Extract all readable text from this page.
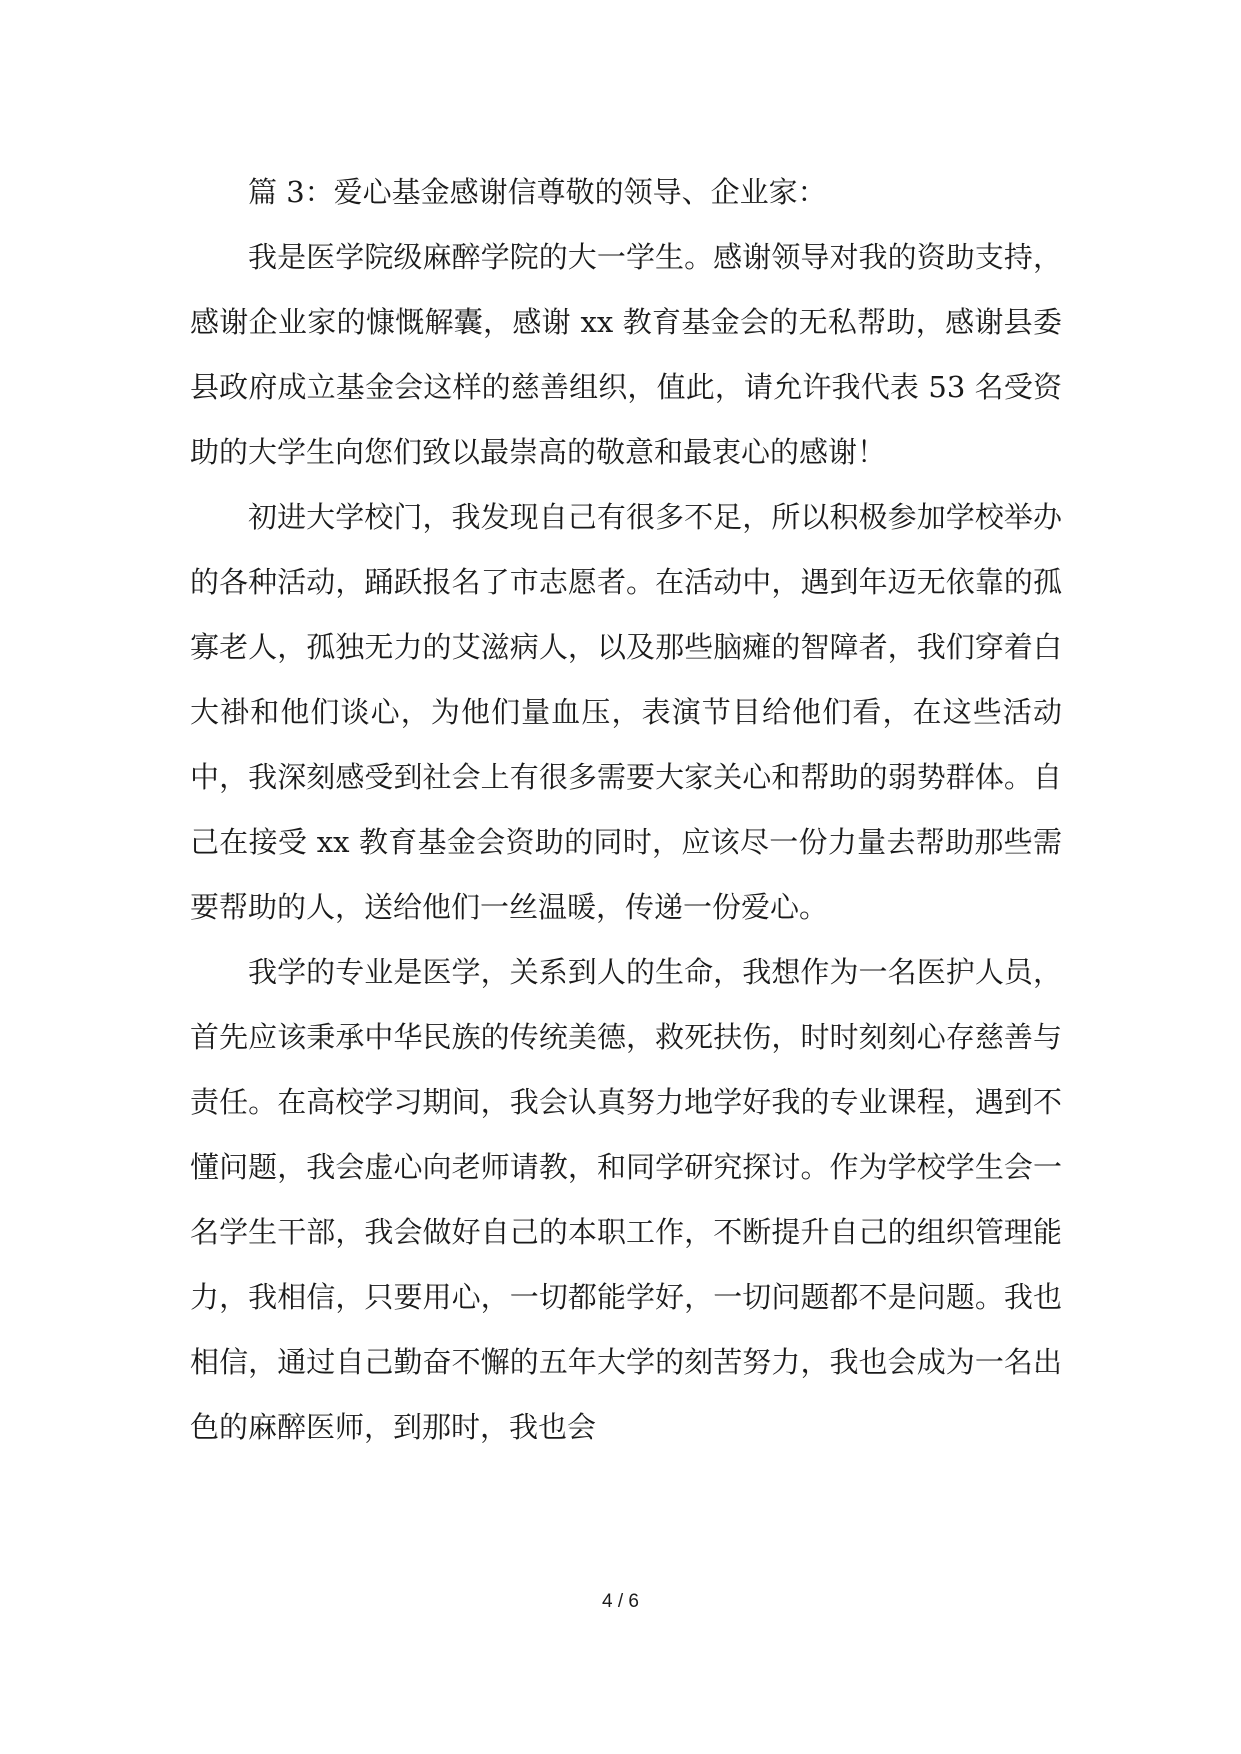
篇 3：爱心基金感谢信尊敬的领导、企业家：

我是医学院级麻醉学院的大一学生。感谢领导对我的资助支持，感谢企业家的慷慨解囊，感谢 xx 教育基金会的无私帮助，感谢县委县政府成立基金会这样的慈善组织，值此，请允许我代表 53 名受资助的大学生向您们致以最崇高的敬意和最衷心的感谢！

初进大学校门，我发现自己有很多不足，所以积极参加学校举办的各种活动，踊跃报名了市志愿者。在活动中，遇到年迈无依靠的孤寡老人，孤独无力的艾滋病人，以及那些脑瘫的智障者，我们穿着白大褂和他们谈心，为他们量血压，表演节目给他们看，在这些活动中，我深刻感受到社会上有很多需要大家关心和帮助的弱势群体。自己在接受 xx 教育基金会资助的同时，应该尽一份力量去帮助那些需要帮助的人，送给他们一丝温暖，传递一份爱心。

我学的专业是医学，关系到人的生命，我想作为一名医护人员，首先应该秉承中华民族的传统美德，救死扶伤，时时刻刻心存慈善与责任。在高校学习期间，我会认真努力地学好我的专业课程，遇到不懂问题，我会虚心向老师请教，和同学研究探讨。作为学校学生会一名学生干部，我会做好自己的本职工作，不断提升自己的组织管理能力，我相信，只要用心，一切都能学好，一切问题都不是问题。我也相信，通过自己勤奋不懈的五年大学的刻苦努力，我也会成为一名出色的麻醉医师，到那时，我也会

4 / 6
